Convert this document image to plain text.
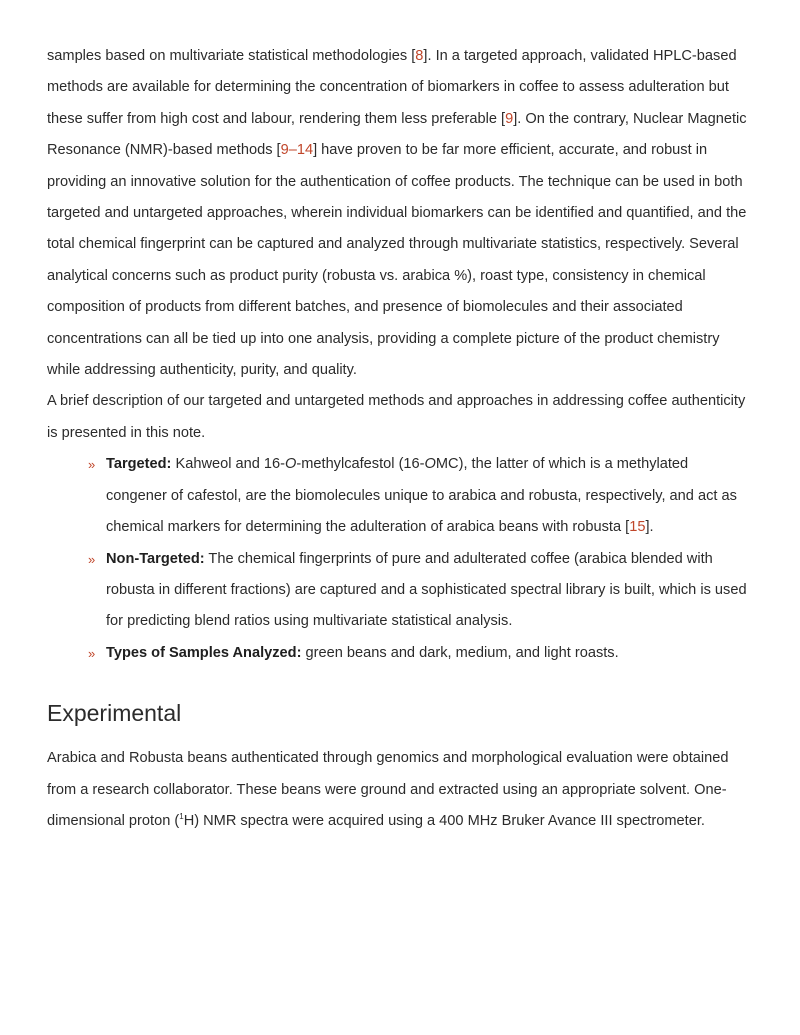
samples based on multivariate statistical methodologies [8]. In a targeted approach, validated HPLC-based methods are available for determining the concentration of biomarkers in coffee to assess adulteration but these suffer from high cost and labour, rendering them less preferable [9]. On the contrary, Nuclear Magnetic Resonance (NMR)-based methods [9–14] have proven to be far more efficient, accurate, and robust in providing an innovative solution for the authentication of coffee products. The technique can be used in both targeted and untargeted approaches, wherein individual biomarkers can be identified and quantified, and the total chemical fingerprint can be captured and analyzed through multivariate statistics, respectively. Several analytical concerns such as product purity (robusta vs. arabica %), roast type, consistency in chemical composition of products from different batches, and presence of biomolecules and their associated concentrations can all be tied up into one analysis, providing a complete picture of the product chemistry while addressing authenticity, purity, and quality.

A brief description of our targeted and untargeted methods and approaches in addressing coffee authenticity is presented in this note.

» Targeted: Kahweol and 16-O-methylcafestol (16-OMC), the latter of which is a methylated congener of cafestol, are the biomolecules unique to arabica and robusta, respectively, and act as chemical markers for determining the adulteration of arabica beans with robusta [15].
» Non-Targeted: The chemical fingerprints of pure and adulterated coffee (arabica blended with robusta in different fractions) are captured and a sophisticated spectral library is built, which is used for predicting blend ratios using multivariate statistical analysis.
» Types of Samples Analyzed: green beans and dark, medium, and light roasts.
Experimental

Arabica and Robusta beans authenticated through genomics and morphological evaluation were obtained from a research collaborator. These beans were ground and extracted using an appropriate solvent. One-dimensional proton ($^1$H) NMR spectra were acquired using a 400 MHz Bruker Avance III spectrometer.
